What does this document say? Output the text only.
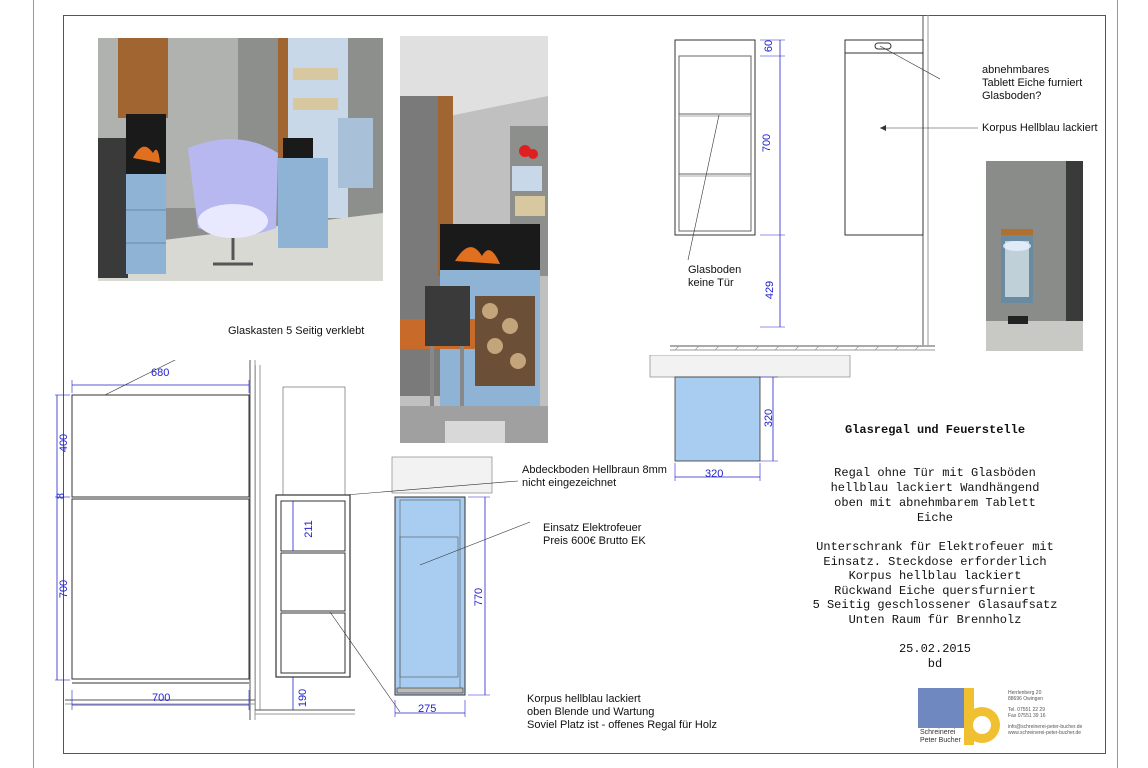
60
700
429
Glasboden
keine Tür
abnehmbares
Tablett Eiche furniert
Glasboden?
Korpus Hellblau lackiert
320
320
Glaskasten 5 Seitig verklebt
680
400
8
700
700
211
190
Abdeckboden Hellbraun 8mm
nicht eingezeichnet
Einsatz Elektrofeuer
Preis 600€ Brutto EK
770
275
Korpus hellblau lackiert
oben Blende und Wartung
Soviel Platz ist - offenes Regal für Holz
Glasregal und Feuerstelle
Regal ohne Tür mit Glasböden
hellblau lackiert Wandhängend
oben mit abnehmbarem Tablett
Eiche
Unterschrank für Elektrofeuer mit
Einsatz. Steckdose erforderlich
Korpus hellblau lackiert
Rückwand Eiche quersfurniert
5 Seitig geschlossener Glasaufsatz
Unten Raum für Brennholz
25.02.2015
bd
Schreinerei
Peter Bucher
Herrlenberg 20
88696 Owingen
Tel. 07551 22 29
Fax 07551 39 16
info@schreinerei-peter-bucher.de
www.schreinerei-peter-bucher.de
